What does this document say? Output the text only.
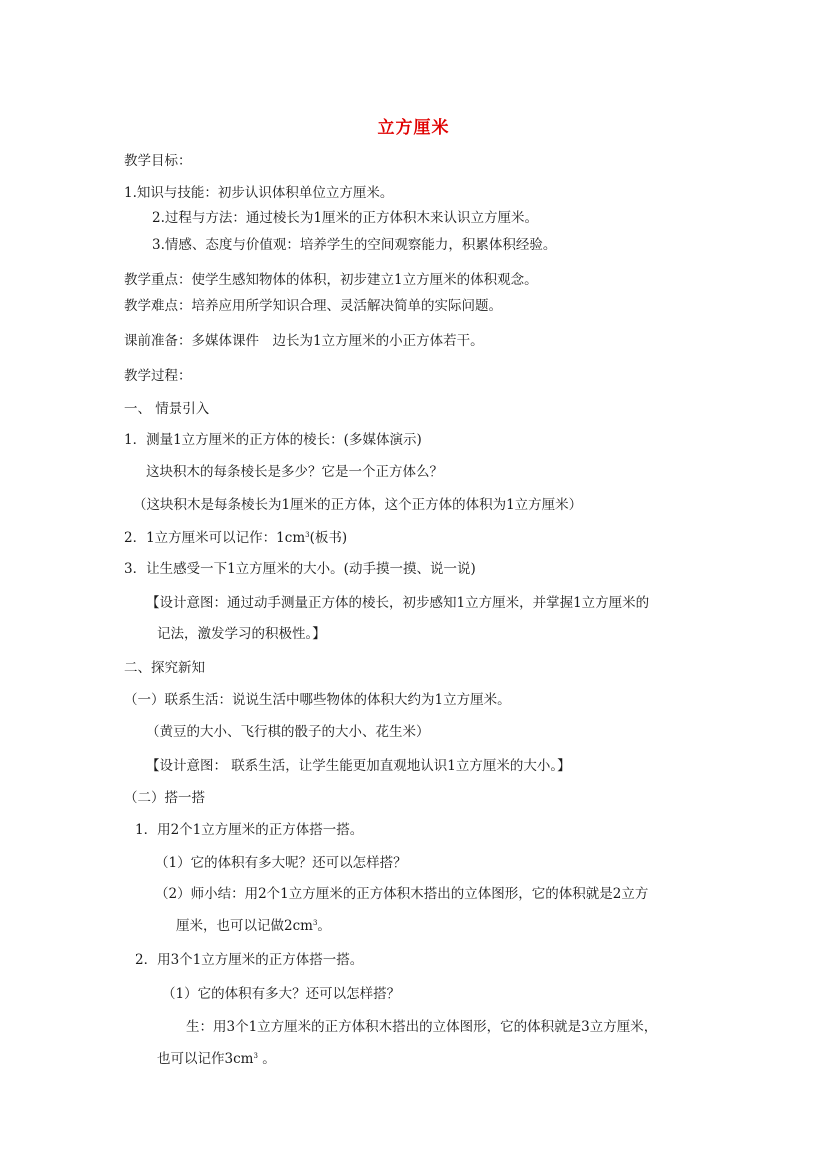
立方厘米
教学目标：
1.知识与技能：初步认识体积单位立方厘米。
2.过程与方法：通过棱长为1厘米的正方体积木来认识立方厘米。
3.情感、态度与价值观：培养学生的空间观察能力，积累体积经验。
教学重点：使学生感知物体的体积，初步建立1立方厘米的体积观念。
教学难点：培养应用所学知识合理、灵活解决简单的实际问题。
课前准备：多媒体课件　边长为1立方厘米的小正方体若干。
教学过程：
一、 情景引入
1．测量1立方厘米的正方体的棱长：(多媒体演示)
这块积木的每条棱长是多少？它是一个正方体么？
（这块积木是每条棱长为1厘米的正方体，这个正方体的体积为1立方厘米）
2．1立方厘米可以记作：$1cm^3$(板书)
3．让生感受一下1立方厘米的大小。(动手摸一摸、说一说)
【设计意图：通过动手测量正方体的棱长，初步感知1立方厘米，并掌握1立方厘米的
记法，激发学习的积极性。】
二、探究新知
（一）联系生活：说说生活中哪些物体的体积大约为1立方厘米。
（黄豆的大小、飞行棋的骰子的大小、花生米）
【设计意图： 联系生活，让学生能更加直观地认识1立方厘米的大小。】
（二）搭一搭
1．用2个1立方厘米的正方体搭一搭。
（1）它的体积有多大呢？还可以怎样搭？
（2）师小结：用2个1立方厘米的正方体积木搭出的立体图形，它的体积就是2立方
厘米，也可以记做$2cm^3$。
2．用3个1立方厘米的正方体搭一搭。
（1）它的体积有多大？还可以怎样搭？
生：用3个1立方厘米的正方体积木搭出的立体图形，它的体积就是3立方厘米，
也可以记作$3cm^3$ 。
